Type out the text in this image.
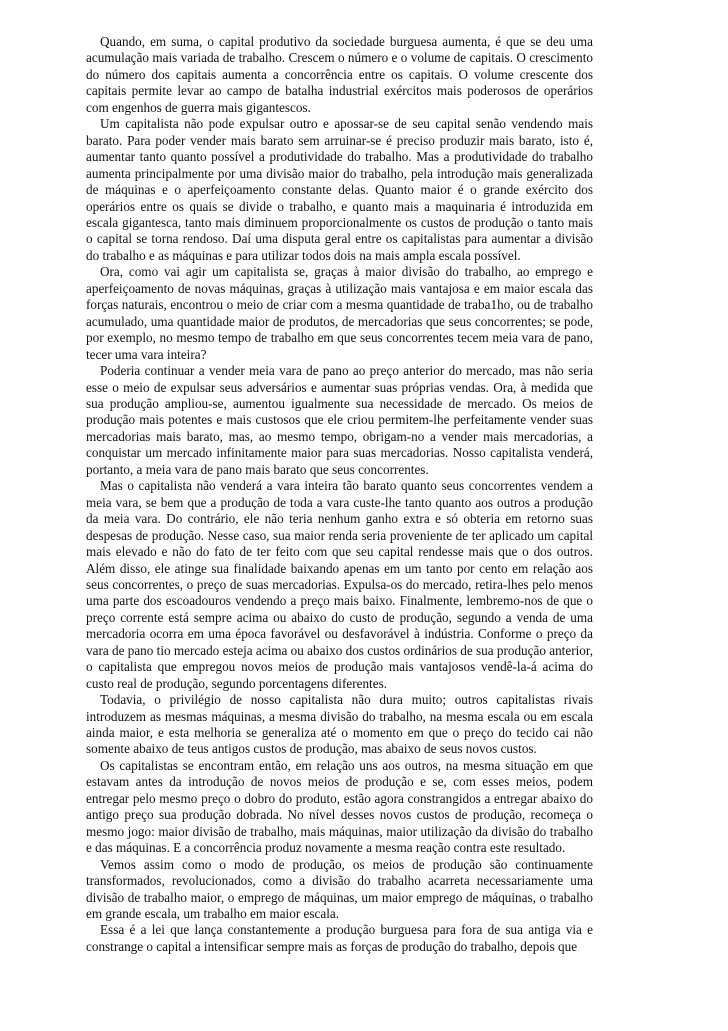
Quando, em suma, o capital produtivo da sociedade burguesa aumenta, é que se deu uma acumulação mais variada de trabalho. Crescem o número e o volume de capitais. O crescimento do número dos capitais aumenta a concorrência entre os capitais. O volume crescente dos capitais permite levar ao campo de batalha industrial exércitos mais poderosos de operários com engenhos de guerra mais gigantescos.

Um capitalista não pode expulsar outro e apossar-se de seu capital senão vendendo mais barato. Para poder vender mais barato sem arruinar-se é preciso produzir mais barato, isto é, aumentar tanto quanto possível a produtividade do trabalho. Mas a produtividade do trabalho aumenta principalmente por uma divisão maior do trabalho, pela introdução mais generalizada de máquinas e o aperfeiçoamento constante delas. Quanto maior é o grande exército dos operários entre os quais se divide o trabalho, e quanto mais a maquinaria é introduzida em escala gigantesca, tanto mais diminuem proporcionalmente os custos de produção o tanto mais o capital se torna rendoso. Daí uma disputa geral entre os capitalistas para aumentar a divisão do trabalho e as máquinas e para utilizar todos dois na mais ampla escala possível.

Ora, como vai agir um capitalista se, graças à maior divisão do trabalho, ao emprego e aperfeiçoamento de novas máquinas, graças à utilização mais vantajosa e em maior escala das forças naturais, encontrou o meio de criar com a mesma quantidade de traba1ho, ou de trabalho acumulado, uma quantidade maior de produtos, de mercadorias que seus concorrentes; se pode, por exemplo, no mesmo tempo de trabalho em que seus concorrentes tecem meia vara de pano, tecer uma vara inteira?

Poderia continuar a vender meia vara de pano ao preço anterior do mercado, mas não seria esse o meio de expulsar seus adversários e aumentar suas próprias vendas. Ora, à medida que sua produção ampliou-se, aumentou igualmente sua necessidade de mercado. Os meios de produção mais potentes e mais custosos que ele criou permitem-lhe perfeitamente vender suas mercadorias mais barato, mas, ao mesmo tempo, obrigam-no a vender mais mercadorias, a conquistar um mercado infinitamente maior para suas mercadorias. Nosso capitalista venderá, portanto, a meia vara de pano mais barato que seus concorrentes.

Mas o capitalista não venderá a vara inteira tão barato quanto seus concorrentes vendem a meia vara, se bem que a produção de toda a vara custe-lhe tanto quanto aos outros a produção da meia vara. Do contrário, ele não teria nenhum ganho extra e só obteria em retorno suas despesas de produção. Nesse caso, sua maior renda seria proveniente de ter aplicado um capital mais elevado e não do fato de ter feito com que seu capital rendesse mais que o dos outros. Além disso, ele atinge sua finalidade baixando apenas em um tanto por cento em relação aos seus concorrentes, o preço de suas mercadorias. Expulsa-os do mercado, retira-lhes pelo menos uma parte dos escoadouros vendendo a preço mais baixo. Finalmente, lembremo-nos de que o preço corrente está sempre acima ou abaixo do custo de produção, segundo a venda de uma mercadoria ocorra em uma época favorável ou desfavorável à indústria. Conforme o preço da vara de pano tio mercado esteja acima ou abaixo dos custos ordinários de sua produção anterior, o capitalista que empregou novos meios de produção mais vantajosos vendê-la-á acima do custo real de produção, segundo porcentagens diferentes.

Todavia, o privilégio de nosso capitalista não dura muito; outros capitalistas rivais introduzem as mesmas máquinas, a mesma divisão do trabalho, na mesma escala ou em escala ainda maior, e esta melhoria se generaliza até o momento em que o preço do tecido cai não somente abaixo de teus antigos custos de produção, mas abaixo de seus novos custos.

Os capitalistas se encontram então, em relação uns aos outros, na mesma situação em que estavam antes da introdução de novos meios de produção e se, com esses meios, podem entregar pelo mesmo preço o dobro do produto, estão agora constrangidos a entregar abaixo do antigo preço sua produção dobrada. No nível desses novos custos de produção, recomeça o mesmo jogo: maior divisão de trabalho, mais máquinas, maior utilização da divisão do trabalho e das máquinas. E a concorrência produz novamente a mesma reação contra este resultado.

Vemos assim como o modo de produção, os meios de produção são continuamente transformados, revolucionados, como a divisão do trabalho acarreta necessariamente uma divisão de trabalho maior, o emprego de máquinas, um maior emprego de máquinas, o trabalho em grande escala, um trabalho em maior escala.

Essa é a lei que lança constantemente a produção burguesa para fora de sua antiga via e constrange o capital a intensificar sempre mais as forças de produção do trabalho, depois que
